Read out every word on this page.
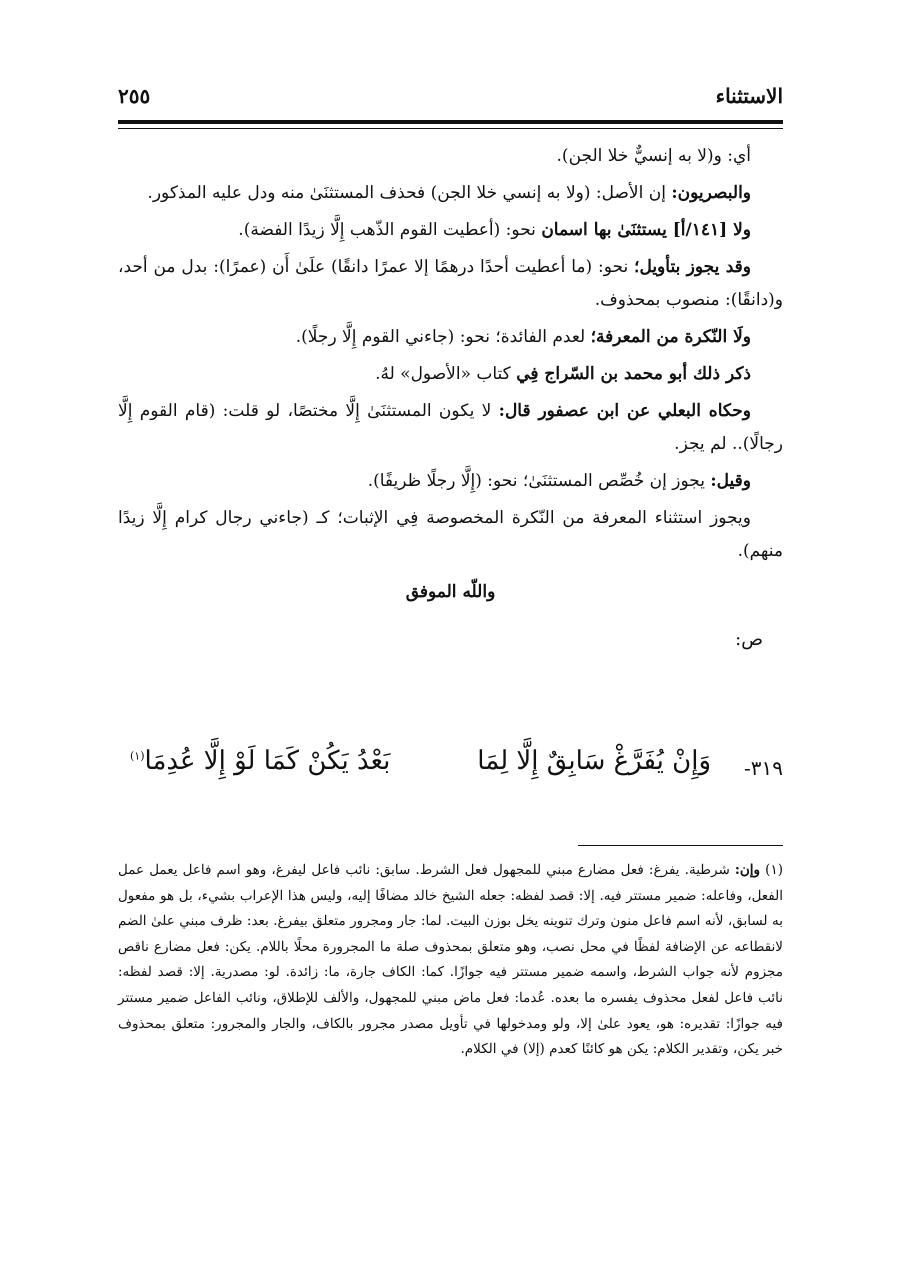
الاستثناء
٢٥٥

أي: و(لا به إنسيٌّ خلا الجن).

والبصريون: إن الأصل: (ولا به إنسي خلا الجن) فحذف المستثنَىٰ منه ودل عليه المذكور.

ولا [١٤١/أ] يستثنَىٰ بها اسمان نحو: (أعطيت القوم الذّهب إِلَّا زيدًا الفضة).

وقد يجوز بتأويل؛ نحو: (ما أعطيت أحدًا درهمًا إلا عمرًا دانقًا) علَىٰ أَن (عمرًا): بدل من أحد، و(دانقًا): منصوب بمحذوف.

ولَا النّكرة من المعرفة؛ لعدم الفائدة؛ نحو: (جاءني القوم إِلَّا رجلًا).

ذكر ذلك أبو محمد بن السّراج فِي كتاب «الأصول» لهُ.

وحكاه البعلي عن ابن عصفور قال: لا يكون المستثنَىٰ إِلَّا مختصًا، لو قلت: (قام القوم إِلَّا رجالًا).. لم يجز.

وقيل: يجوز إن خُصِّص المستثنَىٰ؛ نحو: (إِلَّا رجلًا ظريفًا).

ويجوز استثناء المعرفة من النّكرة المخصوصة فِي الإثبات؛ كـ (جاءني رجال كرام إِلَّا زيدًا منهم).

واللّه الموفق

ص:

٣١٩-
وَإِنْ يُفَرَّغْ سَابِقٌ إِلَّا لِمَا
بَعْدُ يَكُنْ كَمَا لَوْ إِلَّا عُدِمَا$^{(١)}$

(١) وإن: شرطية. يفرغ: فعل مضارع مبني للمجهول فعل الشرط. سابق: نائب فاعل ليفرغ، وهو اسم فاعل يعمل عمل الفعل، وفاعله: ضمير مستتر فيه. إلا: قصد لفظه: جعله الشيخ خالد مضافًا إليه، وليس هذا الإعراب بشيء، بل هو مفعول به لسابق، لأنه اسم فاعل منون وترك تنوينه يخل بوزن البيت. لما: جار ومجرور متعلق بيفرغ. بعد: ظرف مبني علىٰ الضم لانقطاعه عن الإضافة لفظًا في محل نصب، وهو متعلق بمحذوف صلة ما المجرورة محلًا باللام. يكن: فعل مضارع ناقص مجزوم لأنه جواب الشرط، واسمه ضمير مستتر فيه جوازًا. كما: الكاف جارة، ما: زائدة. لو: مصدرية. إلا: قصد لفظه: نائب فاعل لفعل محذوف يفسره ما بعده. عُدما: فعل ماض مبني للمجهول، والألف للإطلاق، ونائب الفاعل ضمير مستتر فيه جوازًا: تقديره: هو، يعود علىٰ إلا، ولو ومدخولها في تأويل مصدر مجرور بالكاف، والجار والمجرور: متعلق بمحذوف خبر يكن، وتقدير الكلام: يكن هو كائنًا كعدم (إلا) في الكلام.
